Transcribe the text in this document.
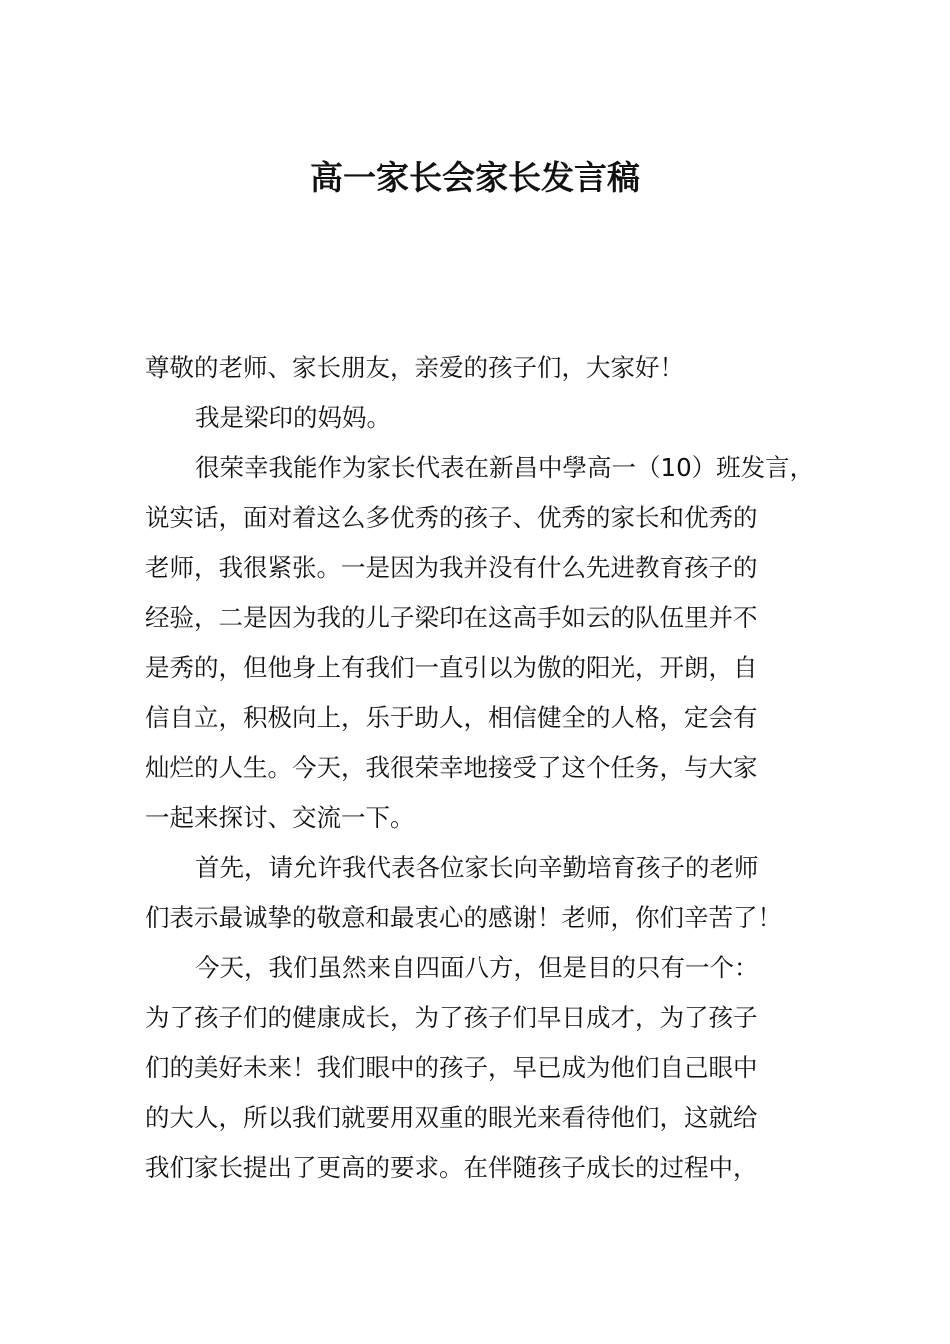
高一家长会家长发言稿
尊敬的老师、家长朋友，亲爱的孩子们，大家好！
我是梁印的妈妈。
很荣幸我能作为家长代表在新昌中學高一（10）班发言，
说实话，面对着这么多优秀的孩子、优秀的家长和优秀的
老师，我很紧张。一是因为我并没有什么先进教育孩子的
经验，二是因为我的儿子梁印在这高手如云的队伍里并不
是秀的，但他身上有我们一直引以为傲的阳光，开朗，自
信自立，积极向上，乐于助人，相信健全的人格，定会有
灿烂的人生。今天，我很荣幸地接受了这个任务，与大家
一起来探讨、交流一下。
首先，请允许我代表各位家长向辛勤培育孩子的老师
们表示最诚挚的敬意和最衷心的感谢！老师，你们辛苦了！
今天，我们虽然来自四面八方，但是目的只有一个：
为了孩子们的健康成长，为了孩子们早日成才，为了孩子
们的美好未来！我们眼中的孩子，早已成为他们自己眼中
的大人，所以我们就要用双重的眼光来看待他们，这就给
我们家长提出了更高的要求。在伴随孩子成长的过程中，
